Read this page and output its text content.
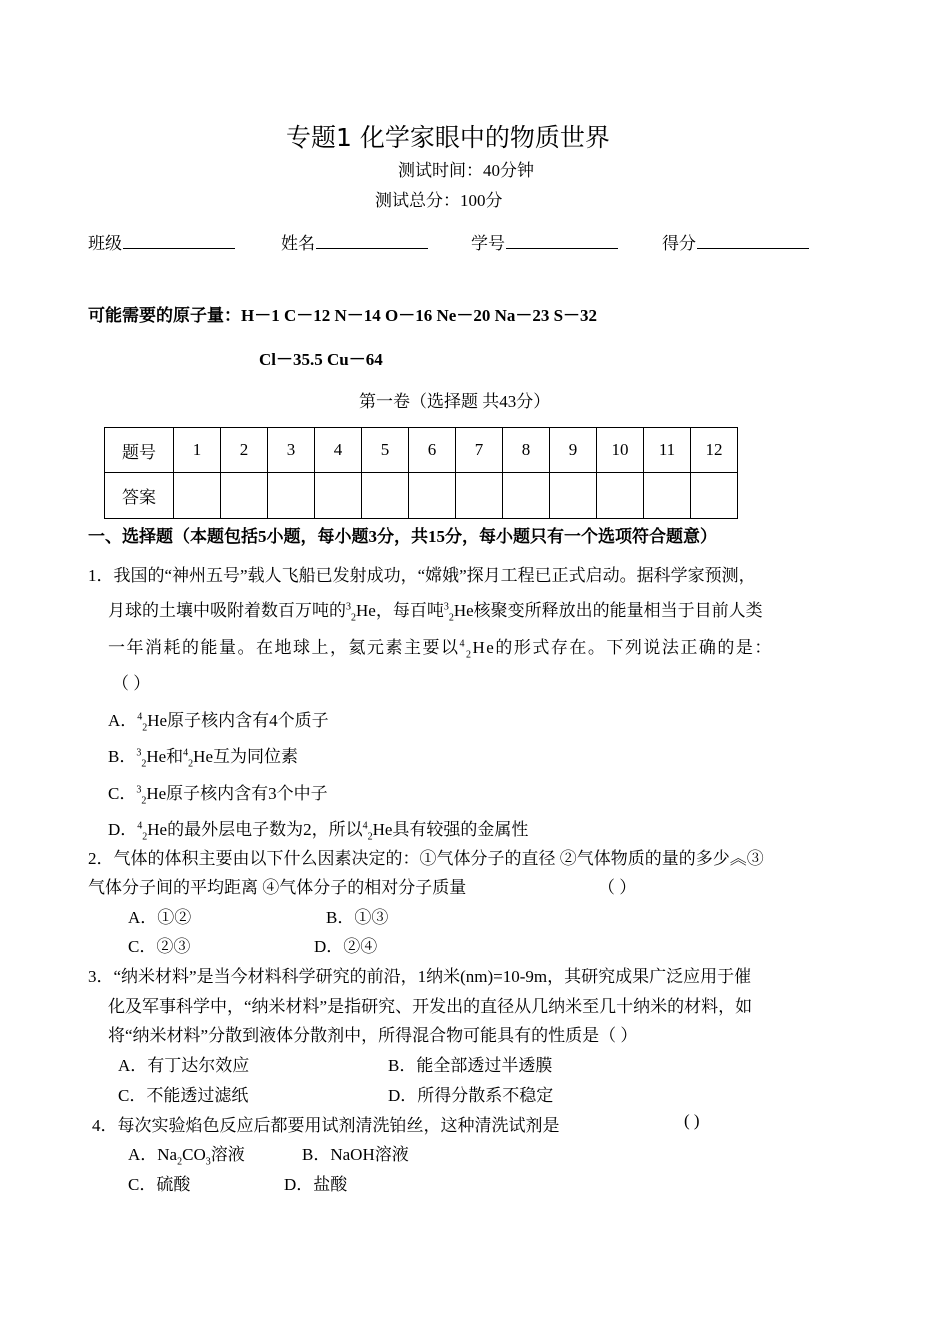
专题1 化学家眼中的物质世界
测试时间：40分钟
测试总分：100分
班级	姓名	学号	得分
可能需要的原子量：H－1 C－12 N－14 O－16 Ne－20 Na－23 S－32
Cl－35.5 Cu－64
第一卷（选择题 共43分）
题号	1	2	3	4	5	6	7	8	9	10	11	12
答案												
一、选择题（本题包括5小题，每小题3分，共15分，每小题只有一个选项符合题意）
1．我国的“神州五号”载人飞船已发射成功，“嫦娥”探月工程已正式启动。据科学家预测，
月球的土壤中吸附着数百万吨的$^3_2$He，每百吨$^3_2$He核聚变所释放出的能量相当于目前人类
一年消耗的能量。在地球上，氦元素主要以$^4_2$He的形式存在。下列说法正确的是：
（ ）
A．$^4_2$He原子核内含有4个质子
B．$^3_2$He和$^4_2$He互为同位素
C．$^3_2$He原子核内含有3个中子
D．$^4_2$He的最外层电子数为2，所以$^4_2$He具有较强的金属性
2．气体的体积主要由以下什么因素决定的：①气体分子的直径 ②气体物质的量的多少︽③
气体分子间的平均距离 ④气体分子的相对分子质量	（ ）
A．①②	B．①③
C．②③	D．②④
3．“纳米材料”是当今材料科学研究的前沿，1纳米(nm)=10-9m，其研究成果广泛应用于催
化及军事科学中，“纳米材料”是指研究、开发出的直径从几纳米至几十纳米的材料，如
将“纳米材料”分散到液体分散剂中，所得混合物可能具有的性质是（ ）
A．有丁达尔效应	B．能全部透过半透膜
C．不能透过滤纸	D．所得分散系不稳定
4．每次实验焰色反应后都要用试剂清洗铂丝，这种清洗试剂是	( )
A．$Na_2CO_3$溶液	B．NaOH溶液
C．硫酸	D．盐酸
